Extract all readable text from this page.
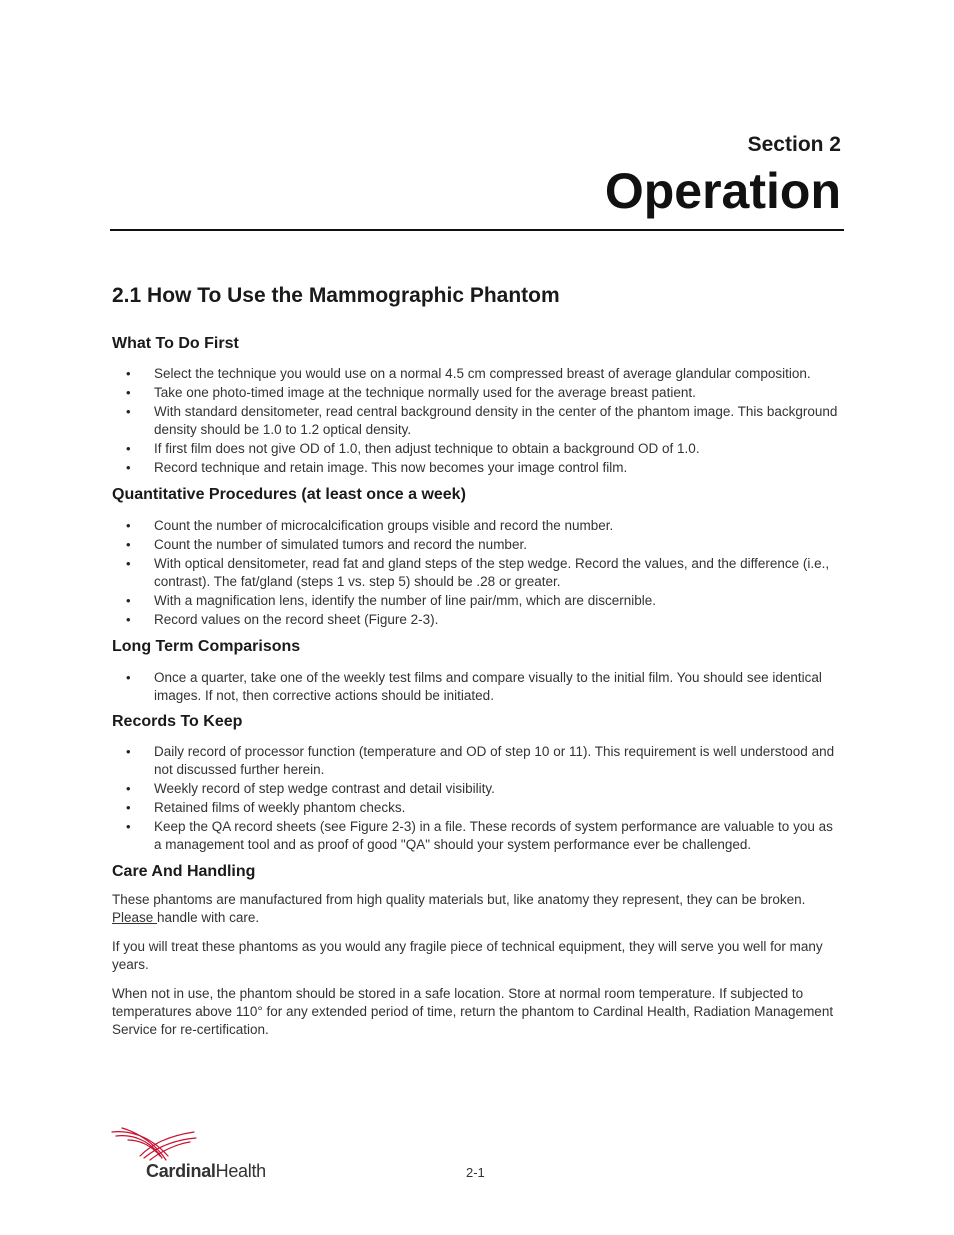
Section 2
Operation
2.1 How To Use the Mammographic Phantom
What To Do First
• Select the technique you would use on a normal 4.5 cm compressed breast of average glandular composition.
• Take one photo-timed image at the technique normally used for the average breast patient.
• With standard densitometer, read central background density in the center of the phantom image. This background density should be 1.0 to 1.2 optical density.
• If first film does not give OD of 1.0, then adjust technique to obtain a background OD of 1.0.
• Record technique and retain image. This now becomes your image control film.
Quantitative Procedures (at least once a week)
• Count the number of microcalcification groups visible and record the number.
• Count the number of simulated tumors and record the number.
• With optical densitometer, read fat and gland steps of the step wedge. Record the values, and the difference (i.e., contrast). The fat/gland (steps 1 vs. step 5) should be .28 or greater.
• With a magnification lens, identify the number of line pair/mm, which are discernible.
• Record values on the record sheet (Figure 2-3).
Long Term Comparisons
• Once a quarter, take one of the weekly test films and compare visually to the initial film. You should see identical images. If not, then corrective actions should be initiated.
Records To Keep
• Daily record of processor function (temperature and OD of step 10 or 11). This requirement is well understood and not discussed further herein.
• Weekly record of step wedge contrast and detail visibility.
• Retained films of weekly phantom checks.
• Keep the QA record sheets (see Figure 2-3) in a file. These records of system performance are valuable to you as a management tool and as proof of good "QA" should your system performance ever be challenged.
Care And Handling

These phantoms are manufactured from high quality materials but, like anatomy they represent, they can be broken. Please handle with care.

If you will treat these phantoms as you would any fragile piece of technical equipment, they will serve you well for many years.

When not in use, the phantom should be stored in a safe location. Store at normal room temperature. If subjected to temperatures above 110° for any extended period of time, return the phantom to Cardinal Health, Radiation Management Service for re-certification.

CardinalHealth	2-1
